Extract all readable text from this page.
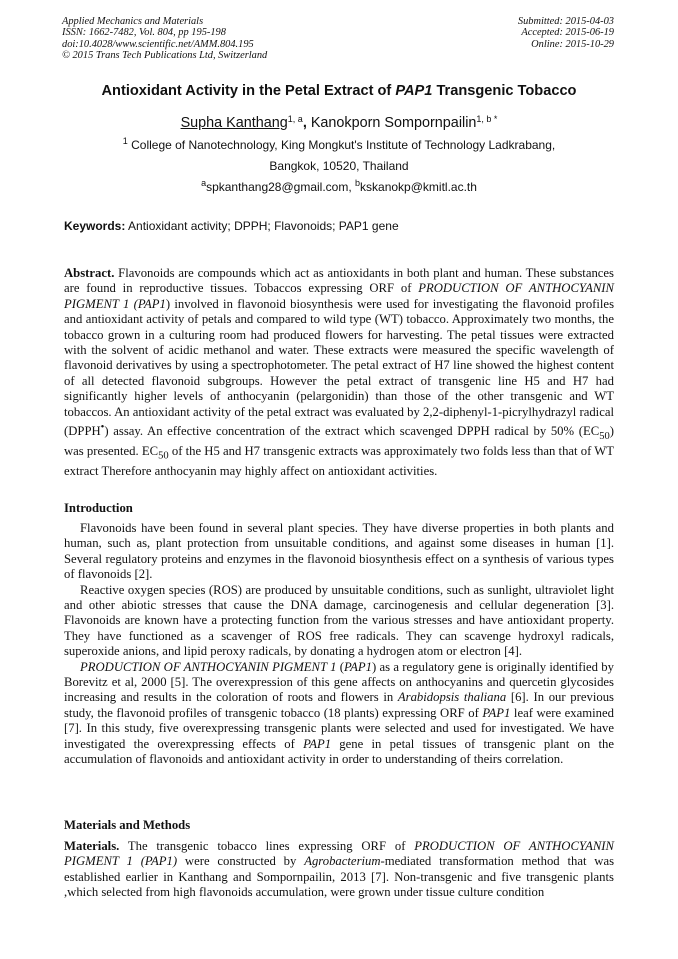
Applied Mechanics and Materials
ISSN: 1662-7482, Vol. 804, pp 195-198
doi:10.4028/www.scientific.net/AMM.804.195
© 2015 Trans Tech Publications Ltd, Switzerland
Submitted: 2015-04-03
Accepted: 2015-06-19
Online: 2015-10-29
Antioxidant Activity in the Petal Extract of PAP1 Transgenic Tobacco
Supha Kanthang$^{1, a}$, Kanokporn Sompornpailin$^{1, b *}$
$^1$ College of Nanotechnology, King Mongkut's Institute of Technology Ladkrabang,
Bangkok, 10520, Thailand
$^a$spkanthang28@gmail.com, $^b$kskanokp@kmitl.ac.th
Keywords: Antioxidant activity; DPPH; Flavonoids; PAP1 gene

Abstract. Flavonoids are compounds which act as antioxidants in both plant and human. These substances are found in reproductive tissues. Tobaccos expressing ORF of PRODUCTION OF ANTHOCYANIN PIGMENT 1 (PAP1) involved in flavonoid biosynthesis were used for investigating the flavonoid profiles and antioxidant activity of petals and compared to wild type (WT) tobacco. Approximately two months, the tobacco grown in a culturing room had produced flowers for harvesting. The petal tissues were extracted with the solvent of acidic methanol and water. These extracts were measured the specific wavelength of flavonoid derivatives by using a spectrophotometer. The petal extract of H7 line showed the highest content of all detected flavonoid subgroups. However the petal extract of transgenic line H5 and H7 had significantly higher levels of anthocyanin (pelargonidin) than those of the other transgenic and WT tobaccos. An antioxidant activity of the petal extract was evaluated by 2,2-diphenyl-1-picrylhydrazyl radical (DPPH•) assay. An effective concentration of the extract which scavenged DPPH radical by 50% $(EC_{50})$ was presented. $EC_{50}$ of the H5 and H7 transgenic extracts was approximately two folds less than that of WT extract Therefore anthocyanin may highly affect on antioxidant activities.

Introduction

Flavonoids have been found in several plant species. They have diverse properties in both plants and human, such as, plant protection from unsuitable conditions, and against some diseases in human [1]. Several regulatory proteins and enzymes in the flavonoid biosynthesis effect on a synthesis of various types of flavonoids [2].

Reactive oxygen species (ROS) are produced by unsuitable conditions, such as sunlight, ultraviolet light and other abiotic stresses that cause the DNA damage, carcinogenesis and cellular degeneration [3]. Flavonoids are known have a protecting function from the various stresses and have antioxidant property. They have functioned as a scavenger of ROS free radicals. They can scavenge hydroxyl radicals, superoxide anions, and lipid peroxy radicals, by donating a hydrogen atom or electron [4].

PRODUCTION OF ANTHOCYANIN PIGMENT 1 (PAP1) as a regulatory gene is originally identified by Borevitz et al, 2000 [5]. The overexpression of this gene affects on anthocyanins and quercetin glycosides increasing and results in the coloration of roots and flowers in Arabidopsis thaliana [6]. In our previous study, the flavonoid profiles of transgenic tobacco (18 plants) expressing ORF of PAP1 leaf were examined [7]. In this study, five overexpressing transgenic plants were selected and used for investigated. We have investigated the overexpressing effects of PAP1 gene in petal tissues of transgenic plant on the accumulation of flavonoids and antioxidant activity in order to understanding of theirs correlation.

Materials and Methods

Materials. The transgenic tobacco lines expressing ORF of PRODUCTION OF ANTHOCYANIN PIGMENT 1 (PAP1) were constructed by Agrobacterium-mediated transformation method that was established earlier in Kanthang and Sompornpailin, 2013 [7]. Non-transgenic and five transgenic plants ,which selected from high flavonoids accumulation, were grown under tissue culture condition
